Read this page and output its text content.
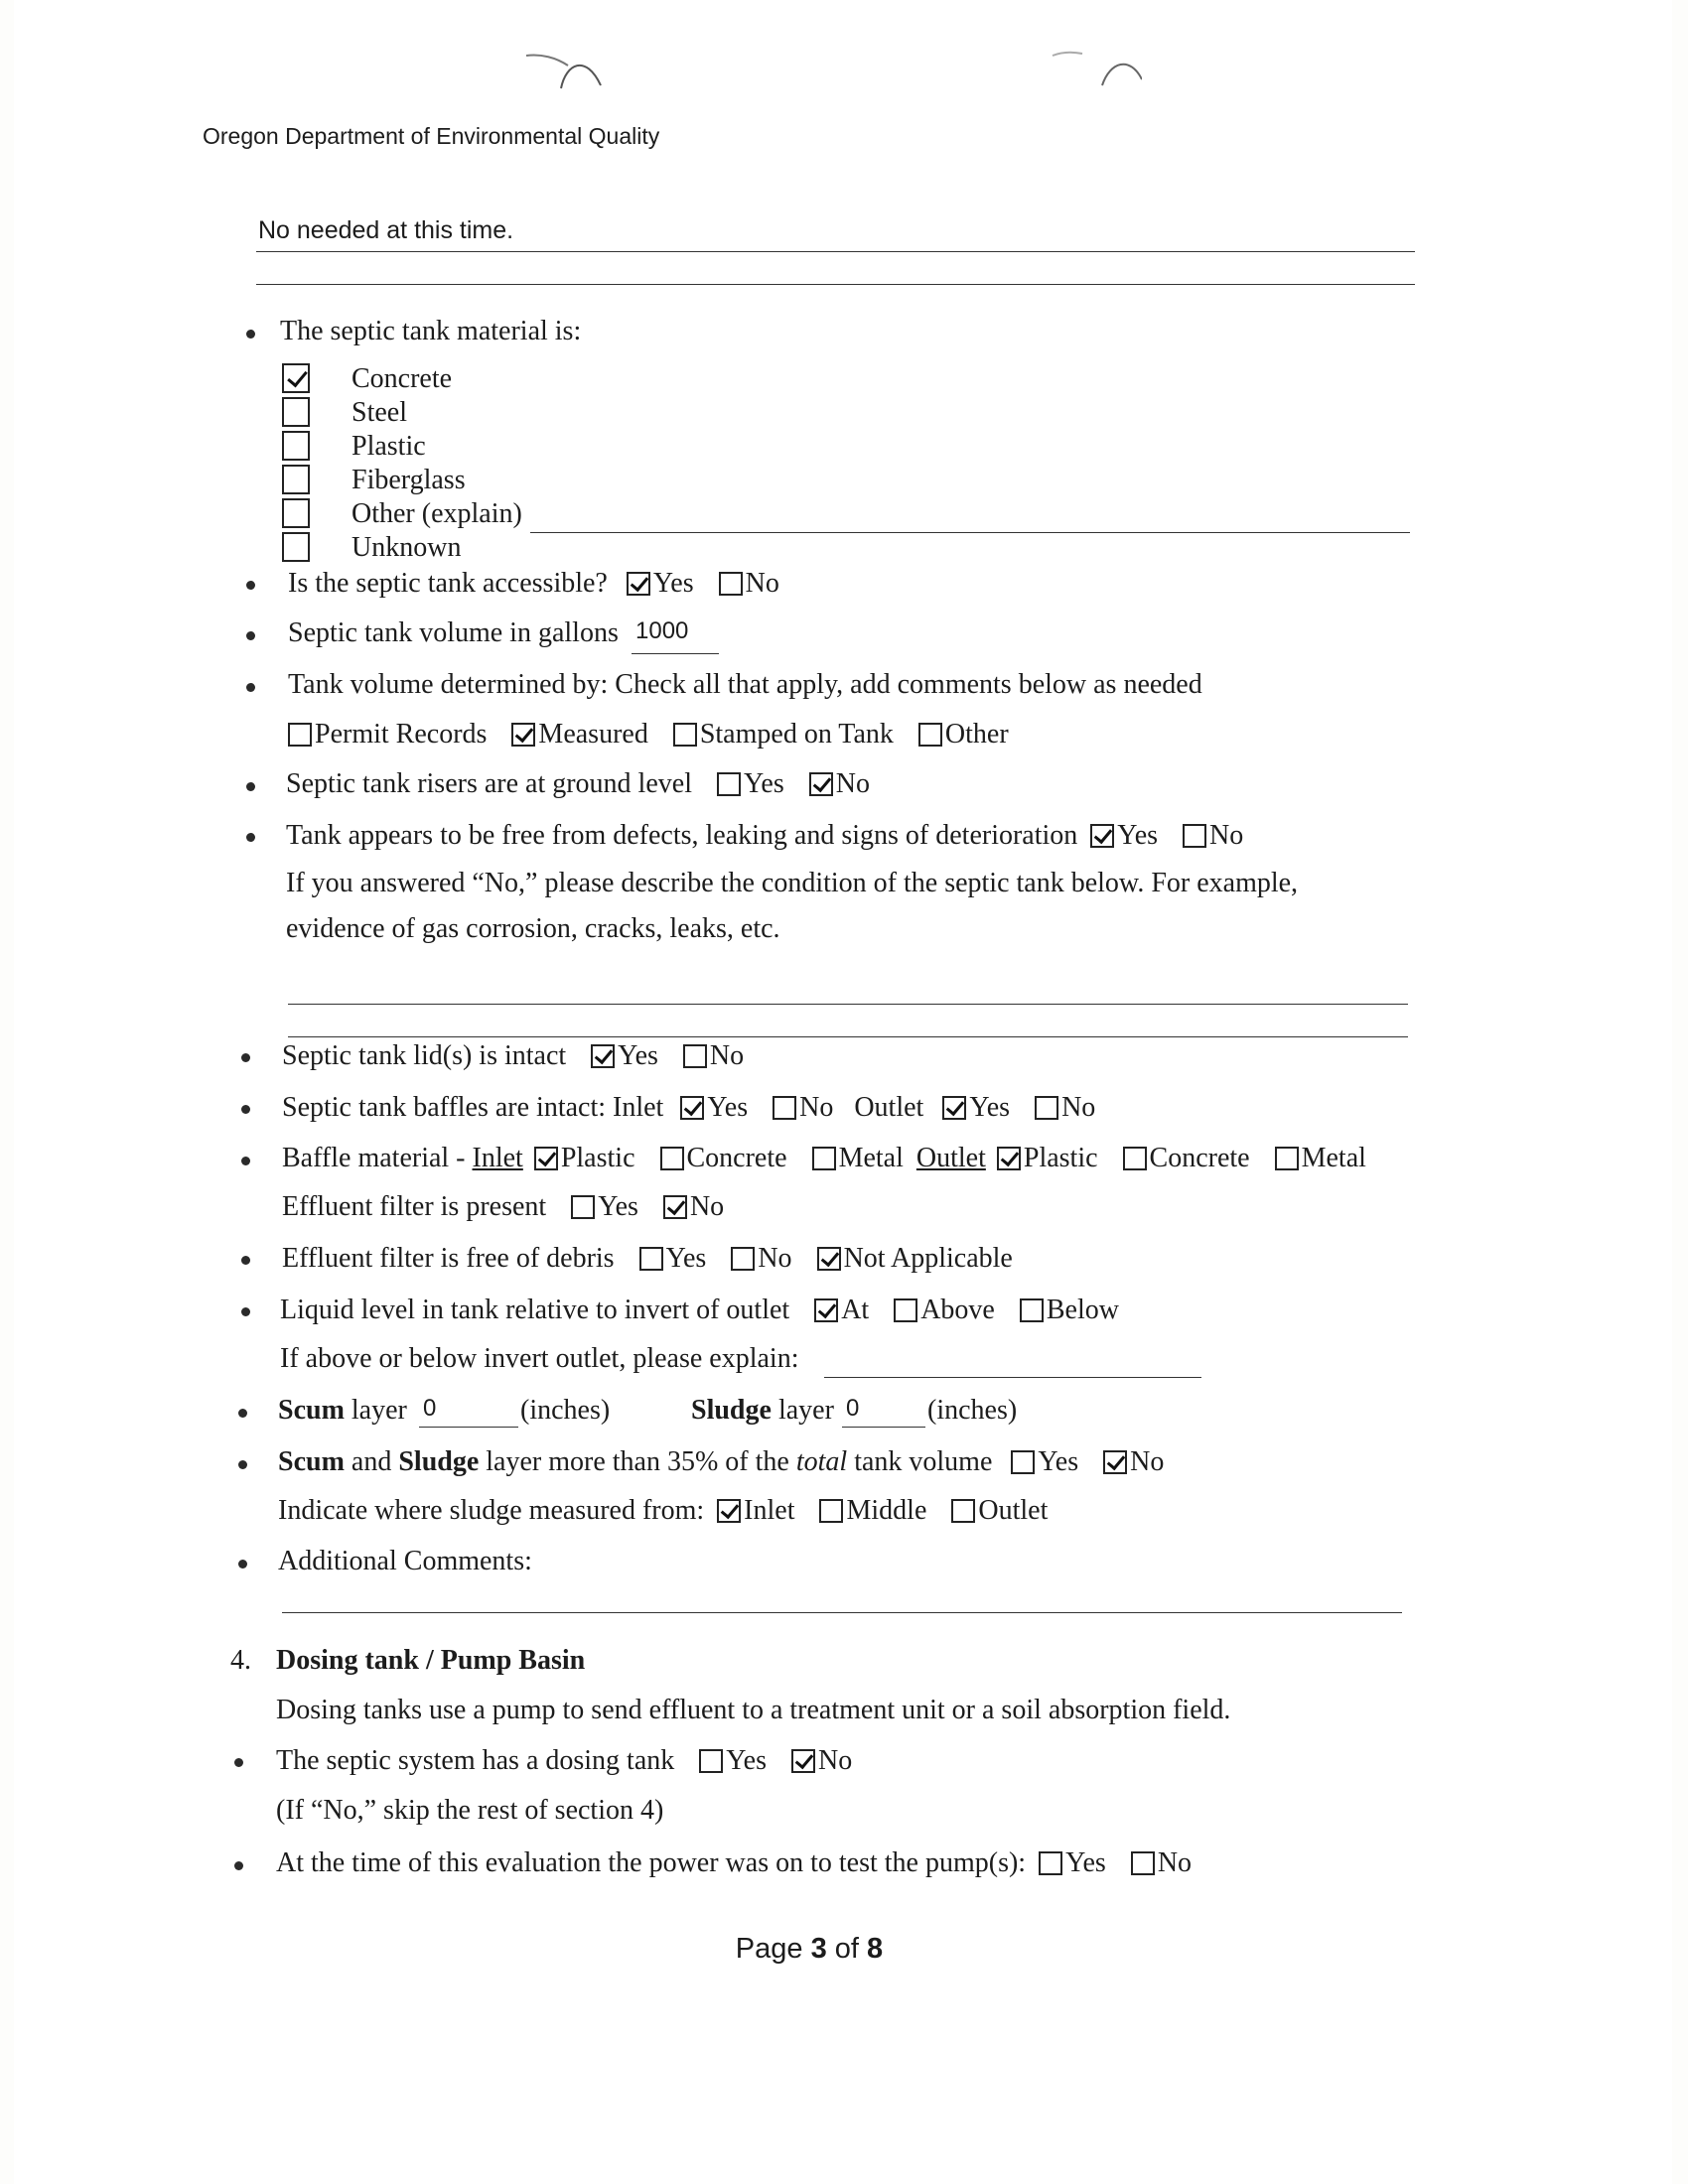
Oregon Department of Environmental Quality
No needed at this time.
The septic tank material is:
Concrete
Steel
Plastic
Fiberglass
Other (explain)
Unknown
Is the septic tank accessible? Yes No
Septic tank volume in gallons 1000
Tank volume determined by: Check all that apply, add comments below as needed
Permit Records Measured Stamped on Tank Other
Septic tank risers are at ground level Yes No
Tank appears to be free from defects, leaking and signs of deterioration Yes No
If you answered “No,” please describe the condition of the septic tank below. For example,
evidence of gas corrosion, cracks, leaks, etc.
Septic tank lid(s) is intact Yes No
Septic tank baffles are intact: Inlet Yes No Outlet Yes No
Baffle material - Inlet Plastic Concrete Metal Outlet Plastic Concrete Metal
Effluent filter is present Yes No
Effluent filter is free of debris Yes No Not Applicable
Liquid level in tank relative to invert of outlet At Above Below
If above or below invert outlet, please explain:
Scum layer 0	(inches)	Sludge layer 0 (inches)
Scum and Sludge layer more than 35% of the total tank volume Yes No
Indicate where sludge measured from: Inlet Middle Outlet
Additional Comments:
4. Dosing tank / Pump Basin
Dosing tanks use a pump to send effluent to a treatment unit or a soil absorption field.
The septic system has a dosing tank Yes No
(If “No,” skip the rest of section 4)
At the time of this evaluation the power was on to test the pump(s): Yes No
Page 3 of 8
